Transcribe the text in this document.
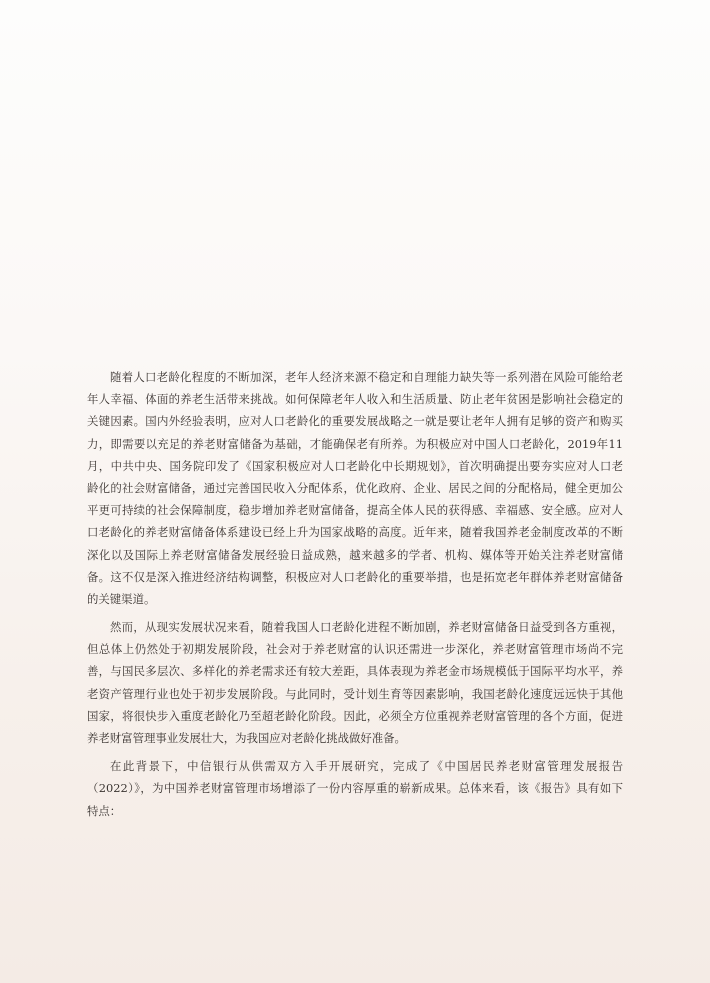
随着人口老龄化程度的不断加深，老年人经济来源不稳定和自理能力缺失等一系列潜在风险可能给老
年人幸福、体面的养老生活带来挑战。如何保障老年人收入和生活质量、防止老年贫困是影响社会稳定的
关键因素。国内外经验表明，应对人口老龄化的重要发展战略之一就是要让老年人拥有足够的资产和购买
力，即需要以充足的养老财富储备为基础，才能确保老有所养。为积极应对中国人口老龄化，2019年11
月，中共中央、国务院印发了《国家积极应对人口老龄化中长期规划》，首次明确提出要夯实应对人口老
龄化的社会财富储备，通过完善国民收入分配体系，优化政府、企业、居民之间的分配格局，健全更加公
平更可持续的社会保障制度，稳步增加养老财富储备，提高全体人民的获得感、幸福感、安全感。应对人
口老龄化的养老财富储备体系建设已经上升为国家战略的高度。近年来，随着我国养老金制度改革的不断
深化以及国际上养老财富储备发展经验日益成熟，越来越多的学者、机构、媒体等开始关注养老财富储
备。这不仅是深入推进经济结构调整，积极应对人口老龄化的重要举措，也是拓宽老年群体养老财富储备
的关键渠道。
然而，从现实发展状况来看，随着我国人口老龄化进程不断加剧，养老财富储备日益受到各方重视，
但总体上仍然处于初期发展阶段，社会对于养老财富的认识还需进一步深化，养老财富管理市场尚不完
善，与国民多层次、多样化的养老需求还有较大差距，具体表现为养老金市场规模低于国际平均水平，养
老资产管理行业也处于初步发展阶段。与此同时，受计划生育等因素影响，我国老龄化速度远远快于其他
国家，将很快步入重度老龄化乃至超老龄化阶段。因此，必须全方位重视养老财富管理的各个方面，促进
养老财富管理事业发展壮大，为我国应对老龄化挑战做好准备。
在此背景下，中信银行从供需双方入手开展研究，完成了《中国居民养老财富管理发展报告
（2022）》，为中国养老财富管理市场增添了一份内容厚重的崭新成果。总体来看，该《报告》具有如下
特点：
